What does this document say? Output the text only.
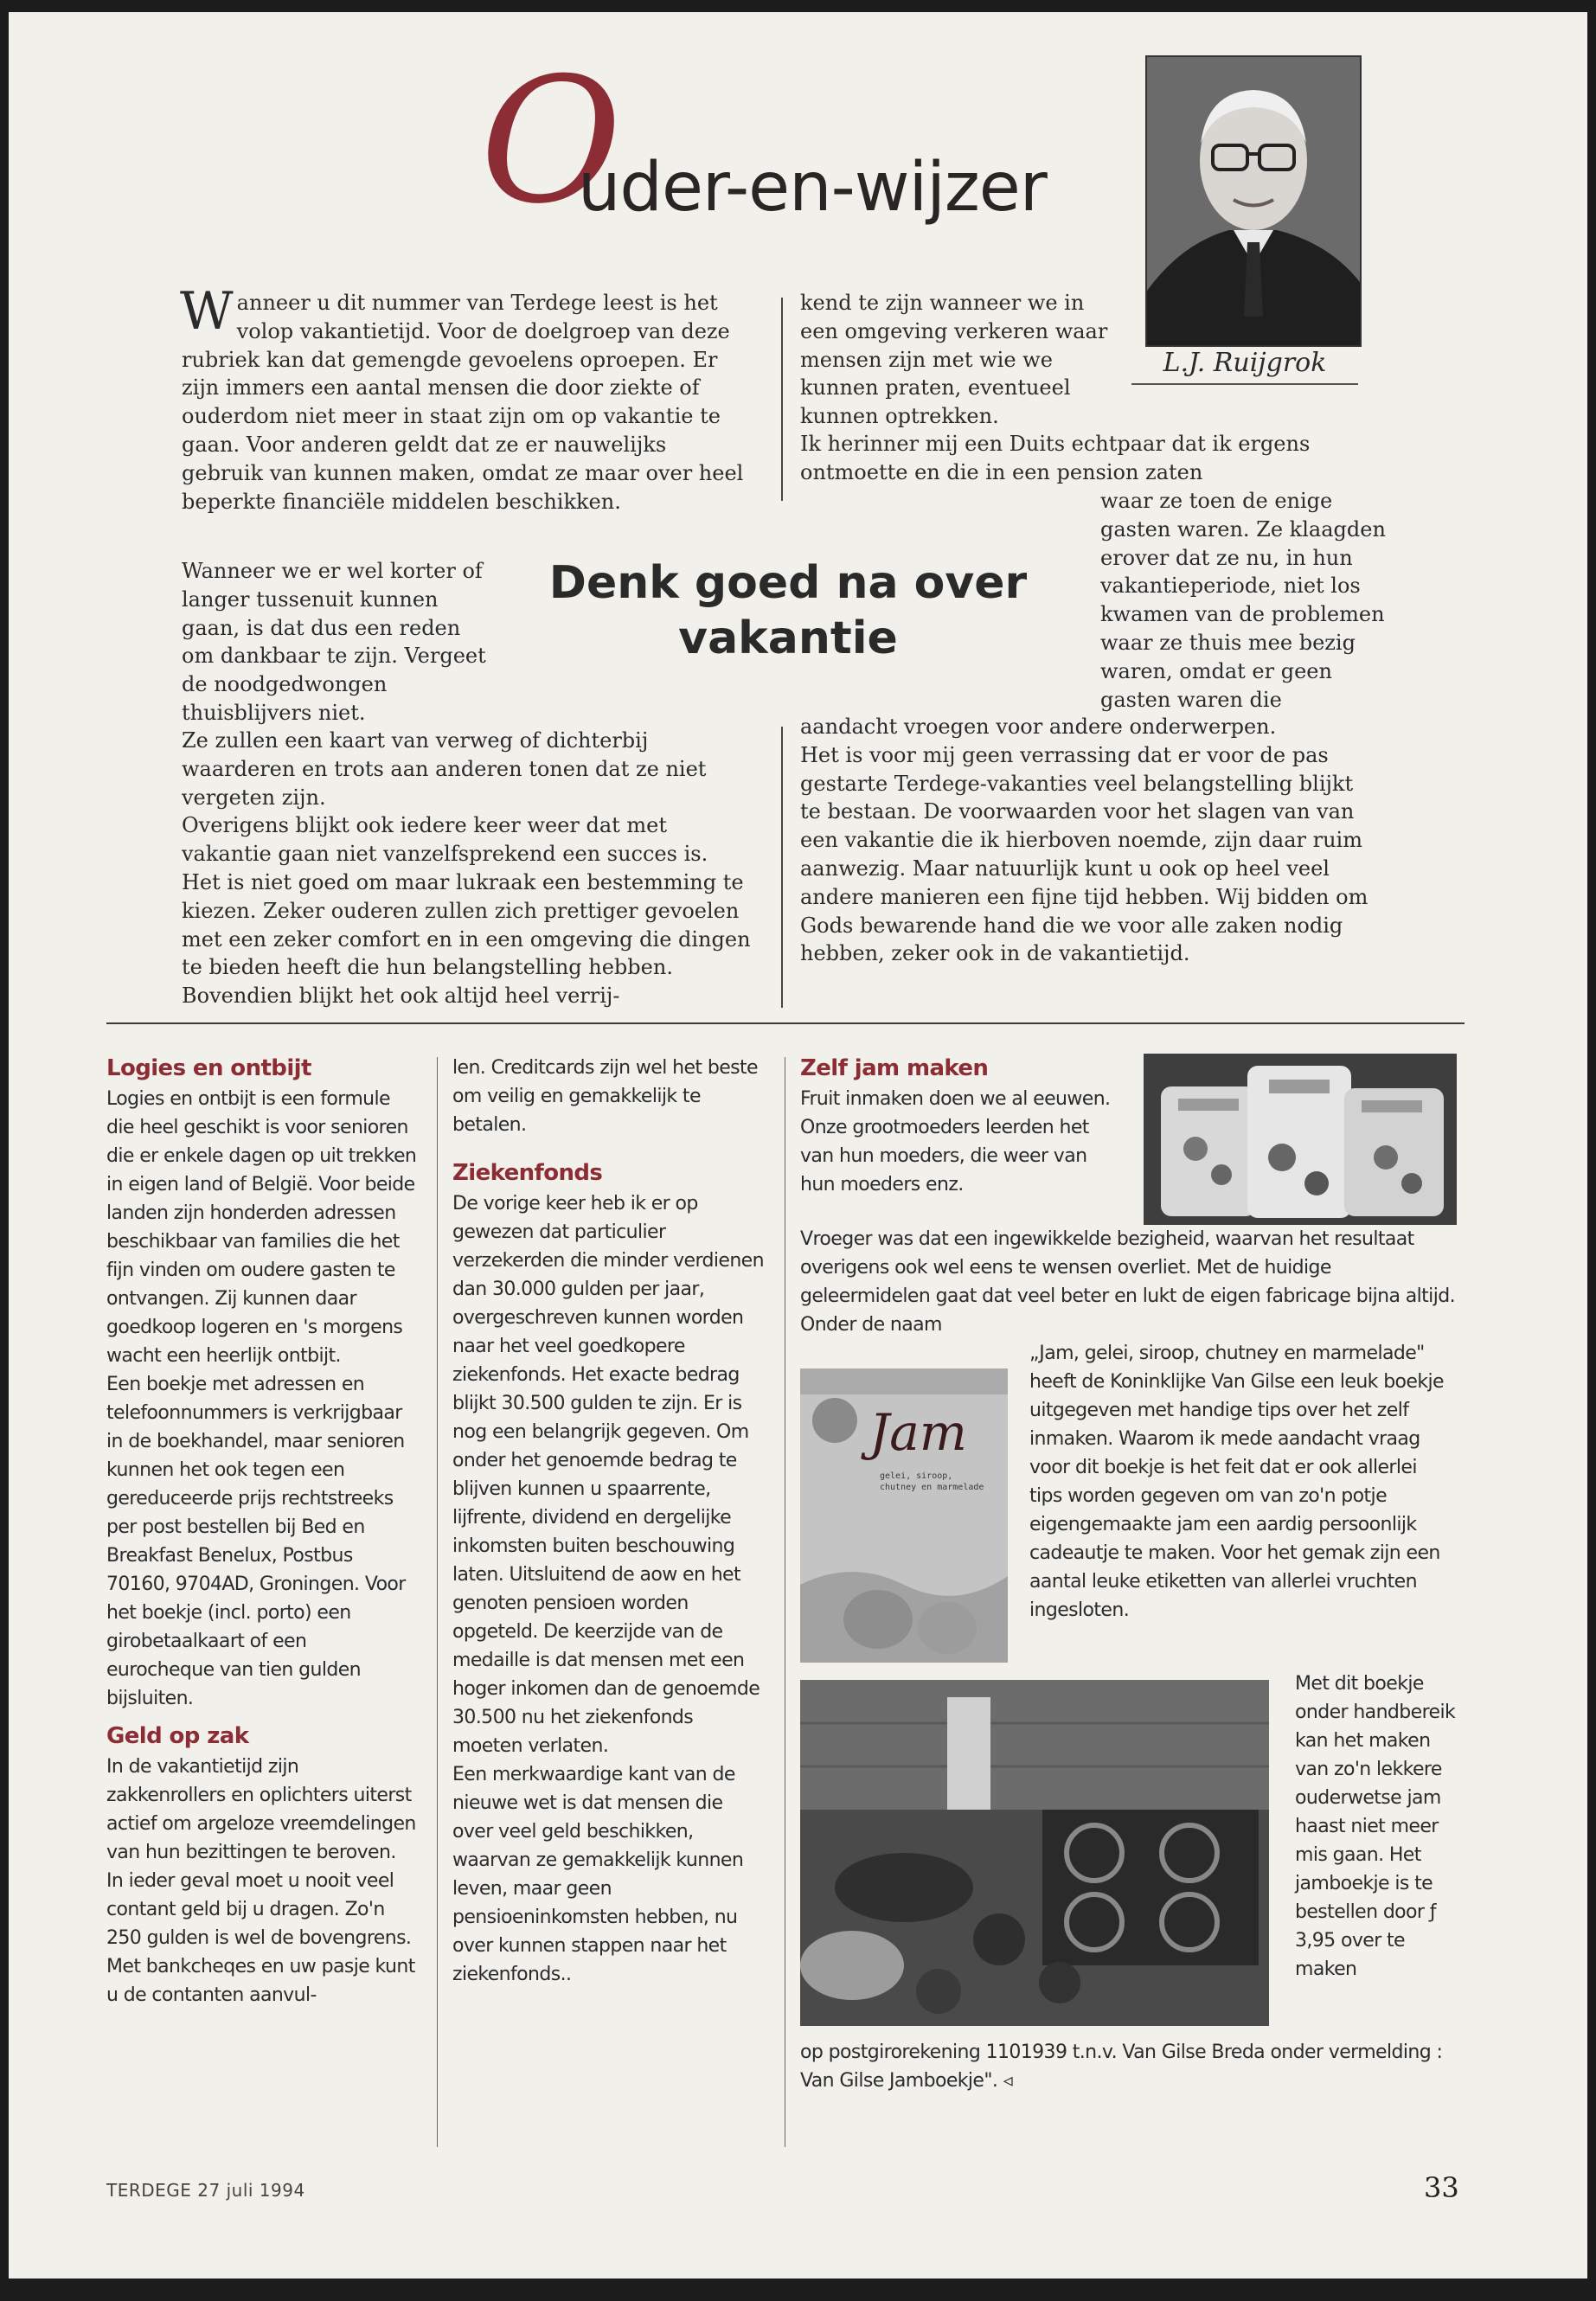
O
uder-en-wijzer
L.J. Ruijgrok

Wanneer u dit nummer van Terdege leest is het volop vakantietijd. Voor de doelgroep van deze rubriek kan dat gemengde gevoelens oproepen. Er zijn immers een aantal mensen die door ziekte of ouderdom niet meer in staat zijn om op vakantie te gaan. Voor anderen geldt dat ze er nauwelijks gebruik van kunnen maken, omdat ze maar over heel beperkte financiële middelen beschikken.

Wanneer we er wel korter of langer tussenuit kunnen gaan, is dat dus een reden om dankbaar te zijn. Vergeet de noodgedwongen thuisblijvers niet.

Ze zullen een kaart van verweg of dichterbij waarderen en trots aan anderen tonen dat ze niet vergeten zijn.

Overigens blijkt ook iedere keer weer dat met vakantie gaan niet vanzelfsprekend een succes is. Het is niet goed om maar lukraak een bestemming te kiezen. Zeker ouderen zullen zich prettiger gevoelen met een zeker comfort en in een omgeving die dingen te bieden heeft die hun belangstelling hebben. Bovendien blijkt het ook altijd heel verrij-

Denk goed na over
vakantie

kend te zijn wanneer we in een omgeving verkeren waar mensen zijn met wie we kunnen praten, eventueel kunnen optrekken.

Ik herinner mij een Duits echtpaar dat ik ergens ontmoette en die in een pension zaten

waar ze toen de enige gasten waren. Ze klaagden erover dat ze nu, in hun vakantieperiode, niet los kwamen van de problemen waar ze thuis mee bezig waren, omdat er geen gasten waren die

aandacht vroegen voor andere onderwerpen.

Het is voor mij geen verrassing dat er voor de pas gestarte Terdege-vakanties veel belangstelling blijkt te bestaan. De voorwaarden voor het slagen van van een vakantie die ik hierboven noemde, zijn daar ruim aanwezig. Maar natuurlijk kunt u ook op heel veel andere manieren een fijne tijd hebben. Wij bidden om Gods bewarende hand die we voor alle zaken nodig hebben, zeker ook in de vakantietijd.

Logies en ontbijt

Logies en ontbijt is een formule die heel geschikt is voor senioren die er enkele dagen op uit trekken in eigen land of België. Voor beide landen zijn honderden adressen beschikbaar van families die het fijn vinden om oudere gasten te ontvangen. Zij kunnen daar goedkoop logeren en 's morgens wacht een heerlijk ontbijt.

Een boekje met adressen en telefoonnummers is verkrijgbaar in de boekhandel, maar senioren kunnen het ook tegen een gereduceerde prijs rechtstreeks per post bestellen bij Bed en Breakfast Benelux, Postbus 70160, 9704AD, Groningen. Voor het boekje (incl. porto) een girobetaalkaart of een eurocheque van tien gulden bijsluiten.

Geld op zak

In de vakantietijd zijn zakkenrollers en oplichters uiterst actief om argeloze vreemdelingen van hun bezittingen te beroven. In ieder geval moet u nooit veel contant geld bij u dragen. Zo'n 250 gulden is wel de bovengrens. Met bankcheqes en uw pasje kunt u de contanten aanvul-

len. Creditcards zijn wel het beste om veilig en gemakkelijk te betalen.

Ziekenfonds

De vorige keer heb ik er op gewezen dat particulier verzekerden die minder verdienen dan 30.000 gulden per jaar, overgeschreven kunnen worden naar het veel goedkopere ziekenfonds. Het exacte bedrag blijkt 30.500 gulden te zijn. Er is nog een belangrijk gegeven. Om onder het genoemde bedrag te blijven kunnen u spaarrente, lijfrente, dividend en dergelijke inkomsten buiten beschouwing laten. Uitsluitend de aow en het genoten pensioen worden opgeteld. De keerzijde van de medaille is dat mensen met een hoger inkomen dan de genoemde 30.500 nu het ziekenfonds moeten verlaten.

Een merkwaardige kant van de nieuwe wet is dat mensen die over veel geld beschikken, waarvan ze gemakkelijk kunnen leven, maar geen pensioeninkomsten hebben, nu over kunnen stappen naar het ziekenfonds..

Zelf jam maken

Fruit inmaken doen we al eeuwen. Onze grootmoeders leerden het van hun moeders, die weer van hun moeders enz.

Vroeger was dat een ingewikkelde bezigheid, waarvan het resultaat overigens ook wel eens te wensen overliet. Met de huidige geleermidelen gaat dat veel beter en lukt de eigen fabricage bijna altijd. Onder de naam

„Jam, gelei, siroop, chutney en marmelade" heeft de Koninklijke Van Gilse een leuk boekje uitgegeven met handige tips over het zelf inmaken. Waarom ik mede aandacht vraag voor dit boekje is het feit dat er ook allerlei tips worden gegeven om van zo'n potje eigengemaakte jam een aardig persoonlijk cadeautje te maken. Voor het gemak zijn een aantal leuke etiketten van allerlei vruchten ingesloten.

Met dit boekje onder handbereik kan het maken van zo'n lekkere ouderwetse jam haast niet meer mis gaan. Het jamboekje is te bestellen door ƒ 3,95 over te maken

op postgirorekening 1101939 t.n.v. Van Gilse Breda onder vermelding : Van Gilse Jamboekje". ◃

Jam
gelei, siroop, chutney en marmelade
TERDEGE 27 juli 1994	33
